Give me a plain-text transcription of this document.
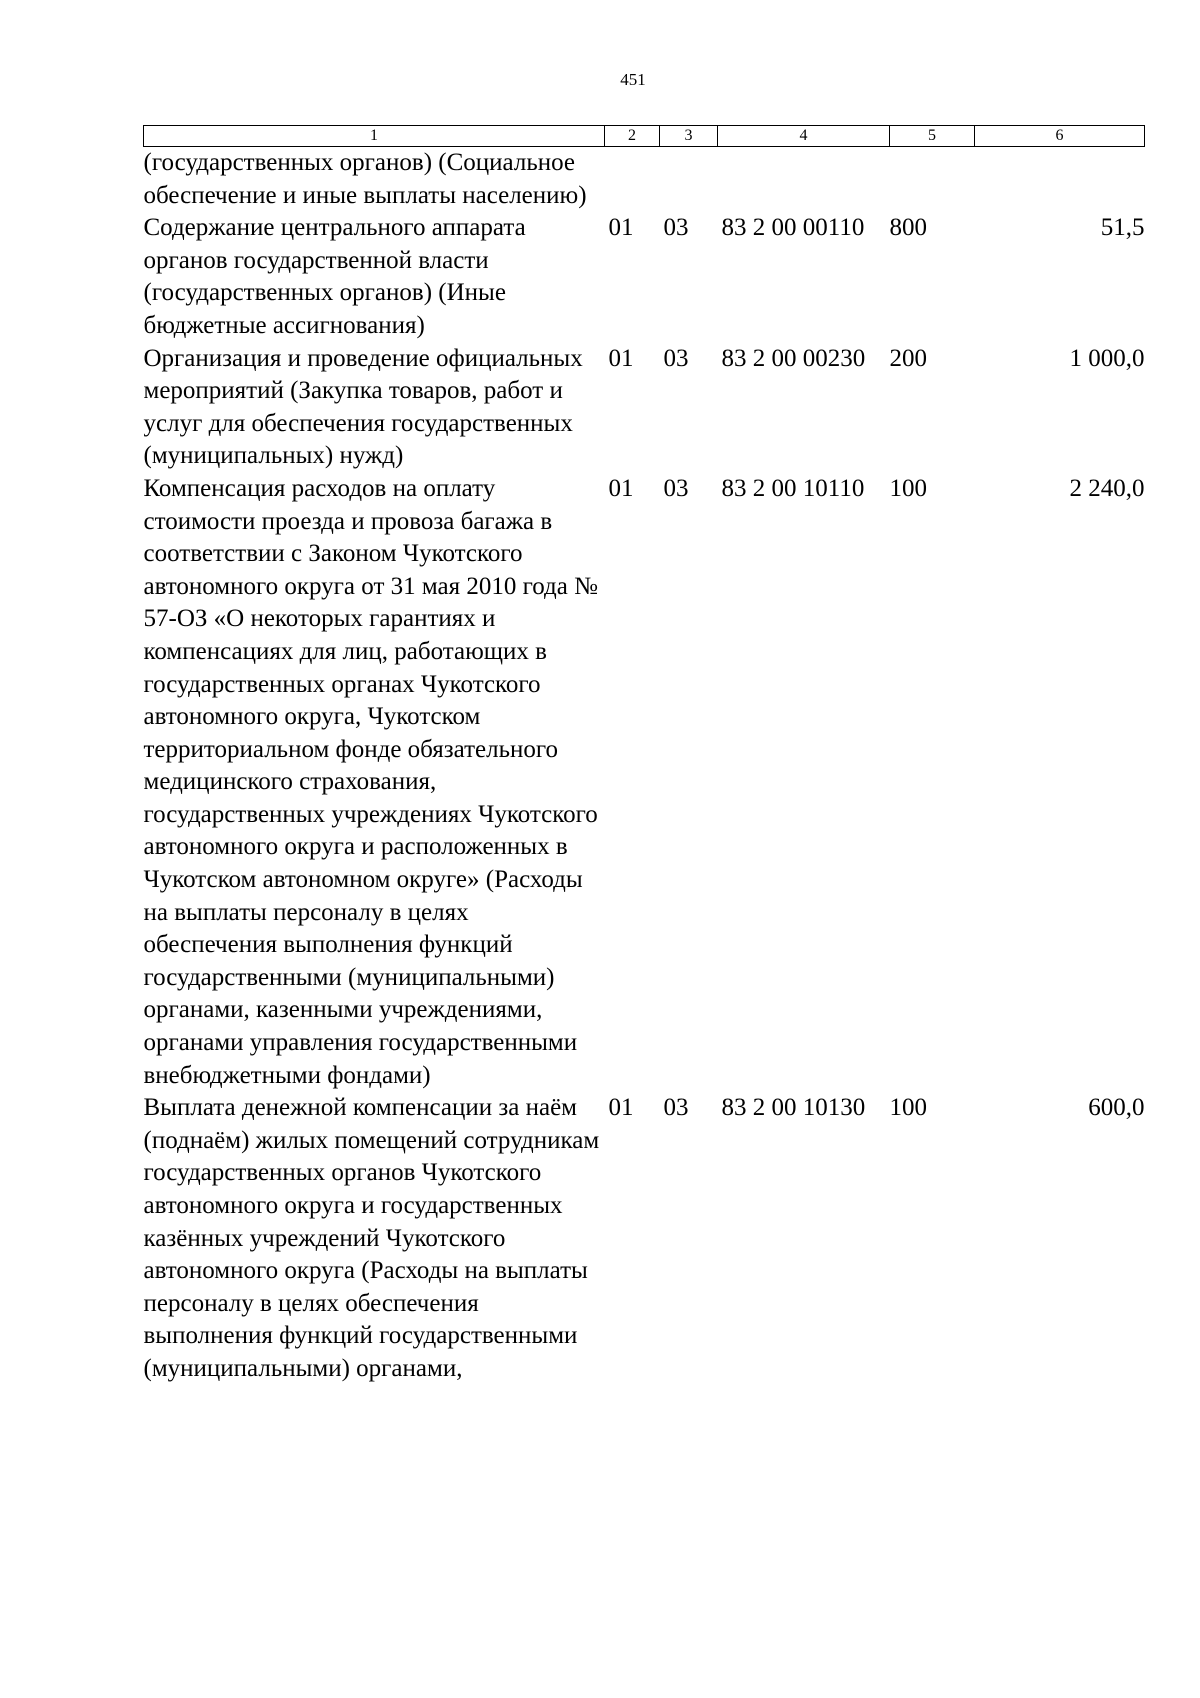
451
1	2	3	4	5	6
(государственных органов) (Социальное обеспечение и иные выплаты населению)					
Содержание центрального аппарата органов государственной власти (государственных органов) (Иные бюджетные ассигнования)	01	03	83 2 00 00110	800	51,5
Организация и проведение официальных мероприятий (Закупка товаров, работ и услуг для обеспечения государственных (муниципальных) нужд)	01	03	83 2 00 00230	200	1 000,0
Компенсация расходов на оплату стоимости проезда и провоза багажа в соответствии с Законом Чукотского автономного округа от 31 мая 2010 года № 57-ОЗ «О некоторых гарантиях и компенсациях для лиц, работающих в государственных органах Чукотского автономного округа, Чукотском территориальном фонде обязательного медицинского страхования, государственных учреждениях Чукотского автономного округа и расположенных в Чукотском автономном округе» (Расходы на выплаты персоналу в целях обеспечения выполнения функций государственными (муниципальными) органами, казенными учреждениями, органами управления государственными внебюджетными фондами)	01	03	83 2 00 10110	100	2 240,0
Выплата денежной компенсации за наём (поднаём) жилых помещений сотрудникам государственных органов Чукотского автономного округа и государственных казённых учреждений Чукотского автономного округа (Расходы на выплаты персоналу в целях обеспечения выполнения функций государственными (муниципальными) органами,	01	03	83 2 00 10130	100	600,0
